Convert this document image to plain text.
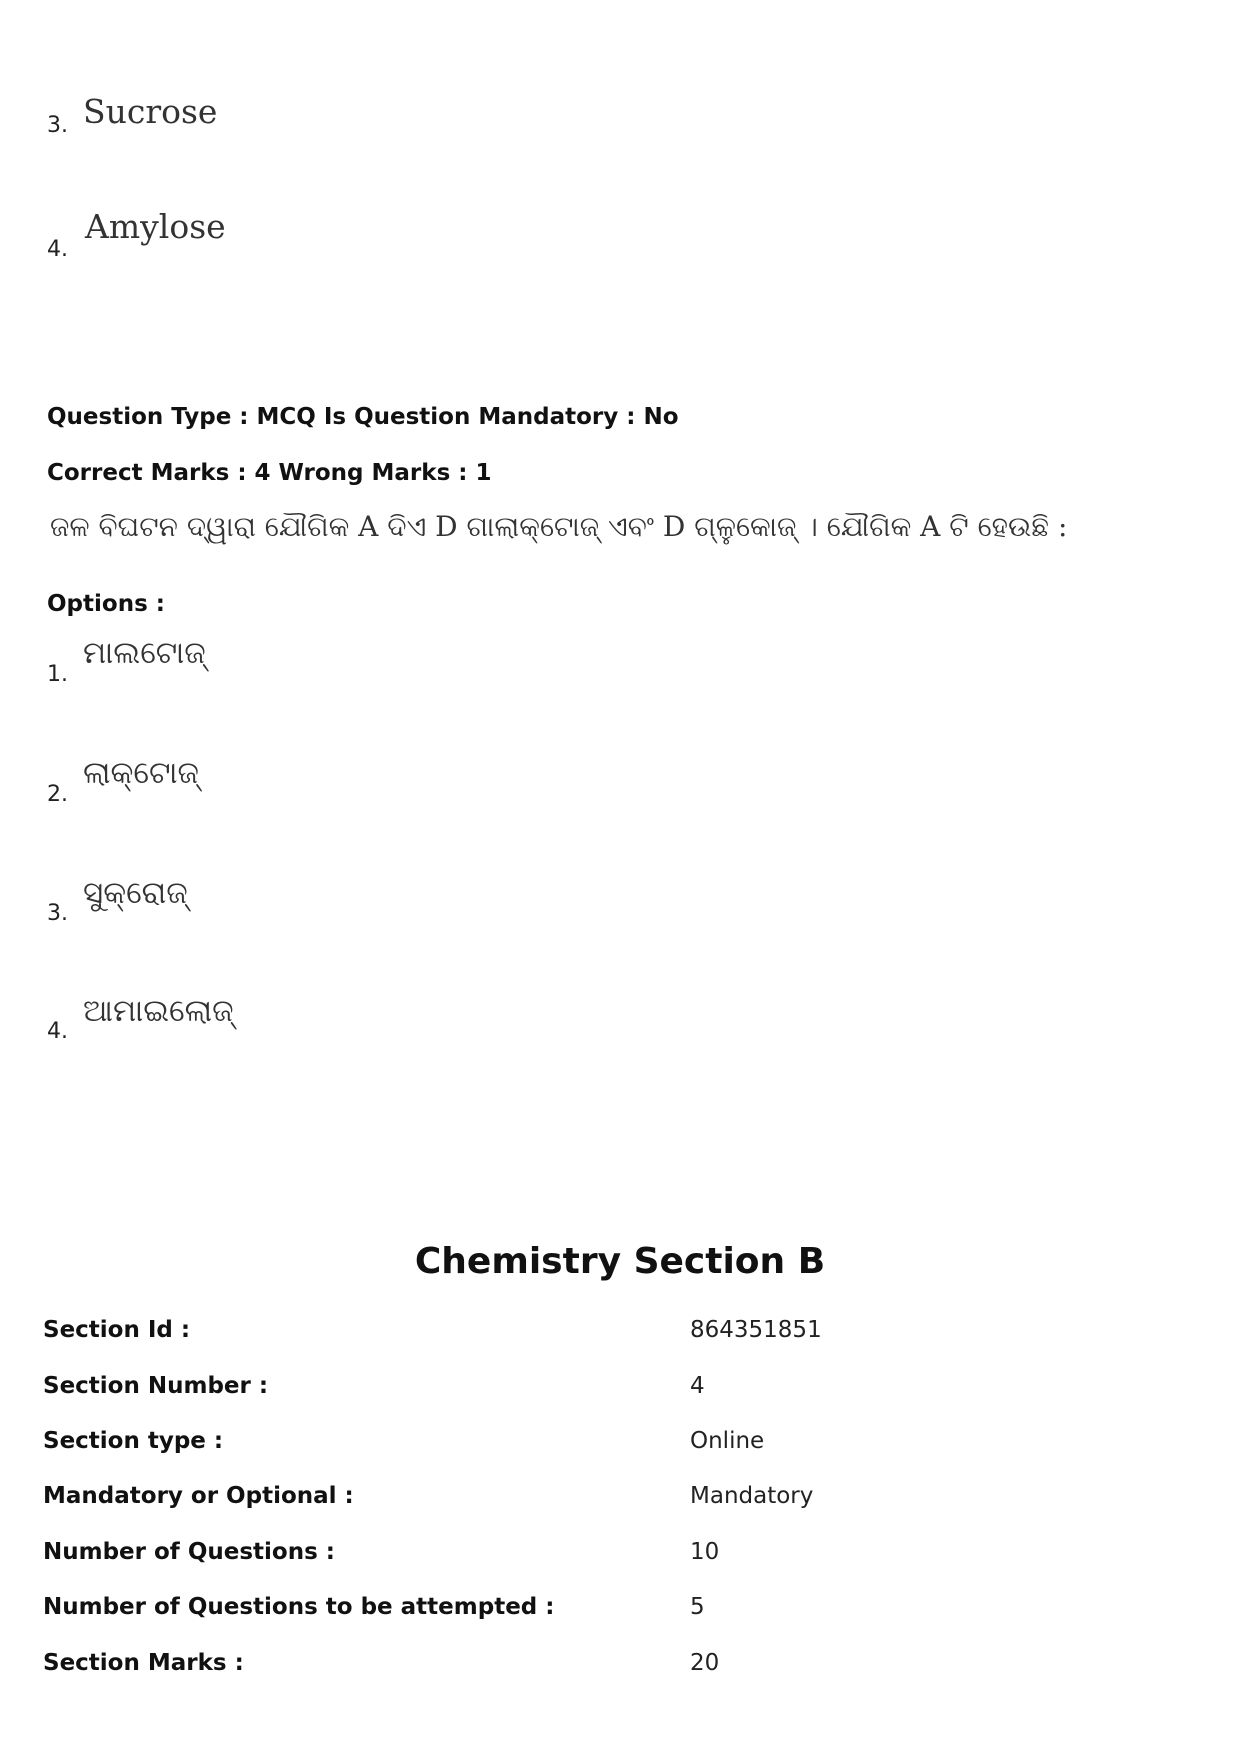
3. Sucrose
4.
Amylose
Question Type : MCQ Is Question Mandatory : No
Correct Marks : 4 Wrong Marks : 1
ଜଳ ବିଘଟନ ଦ୍ୱାରା ଯୌଗିକ A ଦିଏ D ଗାଲାକ୍ଟୋଜ୍ ଏବଂ D ଗ୍ଳୁକୋଜ୍ । ଯୌଗିକ A ଟି ହେଉଛି :
Options :
1.
ମାଲଟୋଜ୍
2.
ଲାକ୍ଟୋଜ୍
3.
ସୁକ୍ରୋଜ୍
4.
ଆମାଇଲୋଜ୍
Chemistry Section B
Section Id :	864351851
Section Number :	4
Section type :	Online
Mandatory or Optional :	Mandatory
Number of Questions :	10
Number of Questions to be attempted :	5
Section Marks :	20
